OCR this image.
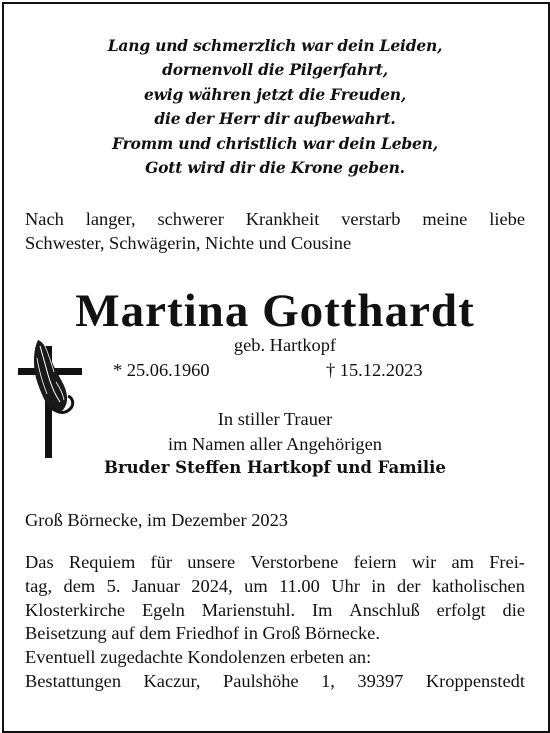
Lang und schmerzlich war dein Leiden,
dornenvoll die Pilgerfahrt,
ewig währen jetzt die Freuden,
die der Herr dir aufbewahrt.
Fromm und christlich war dein Leben,
Gott wird dir die Krone geben.
Nach langer, schwerer Krankheit verstarb meine liebe
Schwester, Schwägerin, Nichte und Cousine
Martina Gotthardt
geb. Hartkopf
* 25.06.1960	† 15.12.2023
In stiller Trauer
im Namen aller Angehörigen
Bruder Steffen Hartkopf und Familie
Groß Börnecke, im Dezember 2023
Das Requiem für unsere Verstorbene feiern wir am Frei-
tag, dem 5. Januar 2024, um 11.00 Uhr in der katholischen
Klosterkirche Egeln Marienstuhl. Im Anschluß erfolgt die
Beisetzung auf dem Friedhof in Groß Börnecke.
Eventuell zugedachte Kondolenzen erbeten an:
Bestattungen Kaczur, Paulshöhe 1, 39397 Kroppenstedt
